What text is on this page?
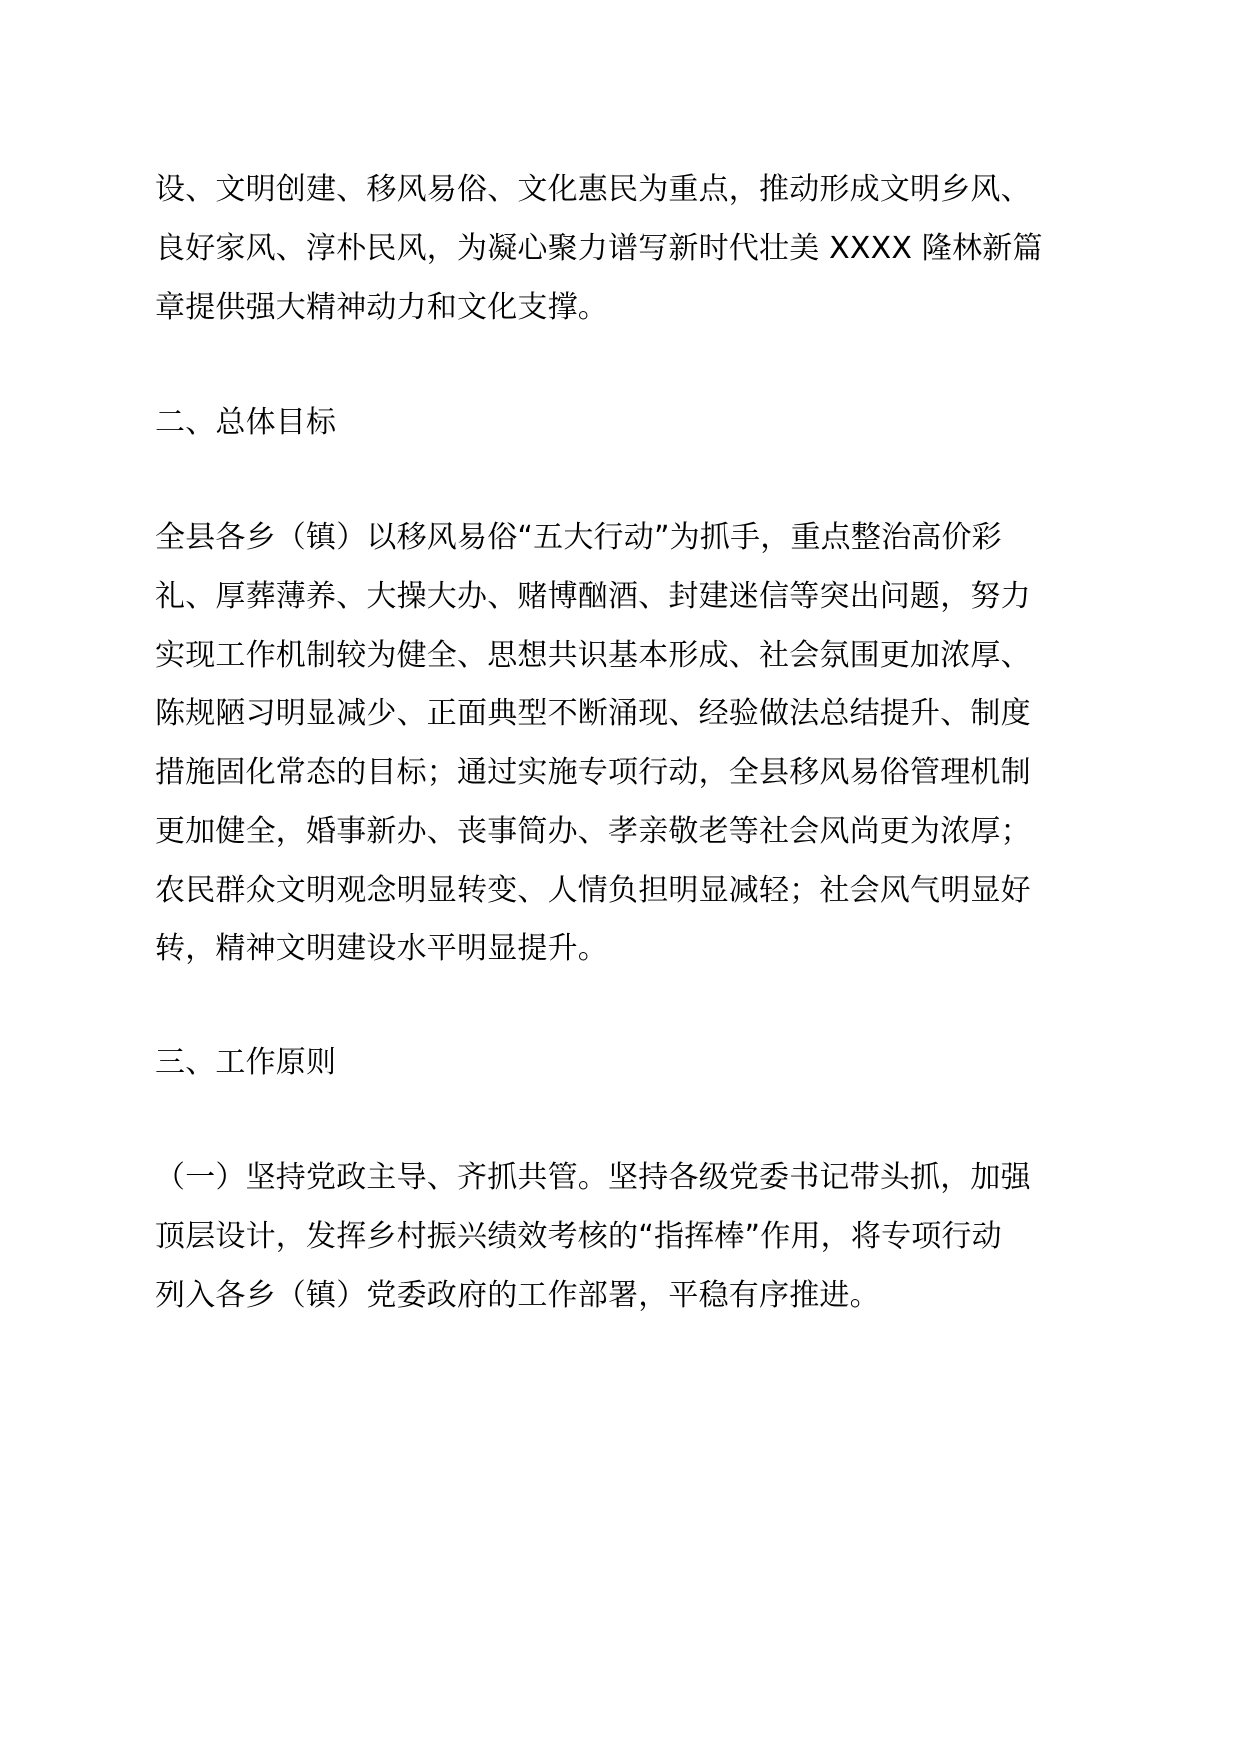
设、文明创建、移风易俗、文化惠民为重点，推动形成文明乡风、
良好家风、淳朴民风，为凝心聚力谱写新时代壮美 XXXX 隆林新篇
章提供强大精神动力和文化支撑。
二、总体目标
全县各乡（镇）以移风易俗“五大行动”为抓手，重点整治高价彩
礼、厚葬薄养、大操大办、赌博酗酒、封建迷信等突出问题，努力
实现工作机制较为健全、思想共识基本形成、社会氛围更加浓厚、
陈规陋习明显减少、正面典型不断涌现、经验做法总结提升、制度
措施固化常态的目标；通过实施专项行动，全县移风易俗管理机制
更加健全，婚事新办、丧事简办、孝亲敬老等社会风尚更为浓厚；
农民群众文明观念明显转变、人情负担明显减轻；社会风气明显好
转，精神文明建设水平明显提升。
三、工作原则
（一）坚持党政主导、齐抓共管。坚持各级党委书记带头抓，加强
顶层设计，发挥乡村振兴绩效考核的“指挥棒”作用，将专项行动
列入各乡（镇）党委政府的工作部署，平稳有序推进。
